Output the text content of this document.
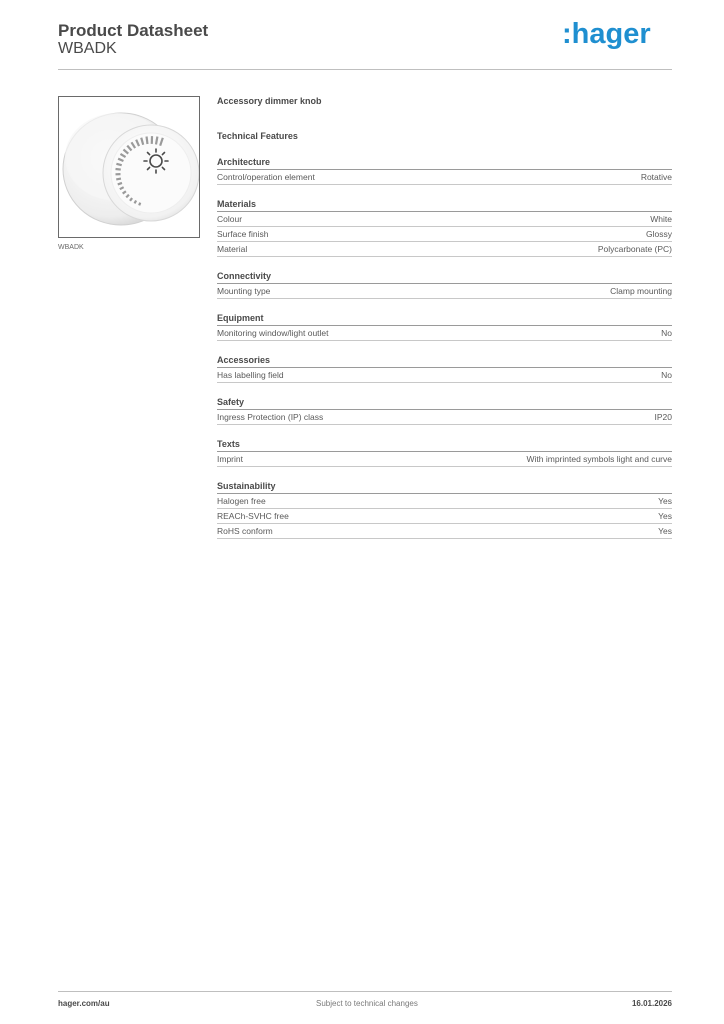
Product Datasheet
WBADK	:hager
WBADK
Accessory dimmer knob
Technical Features
Architecture
Control/operation element	Rotative
Materials
Colour	White
Surface finish	Glossy
Material	Polycarbonate (PC)
Connectivity
Mounting type	Clamp mounting
Equipment
Monitoring window/light outlet	No
Accessories
Has labelling field	No
Safety
Ingress Protection (IP) class	IP20
Texts
Imprint	With imprinted symbols light and curve
Sustainability
Halogen free	Yes
REACh-SVHC free	Yes
RoHS conform	Yes
hager.com/au	Subject to technical changes	16.01.2026
